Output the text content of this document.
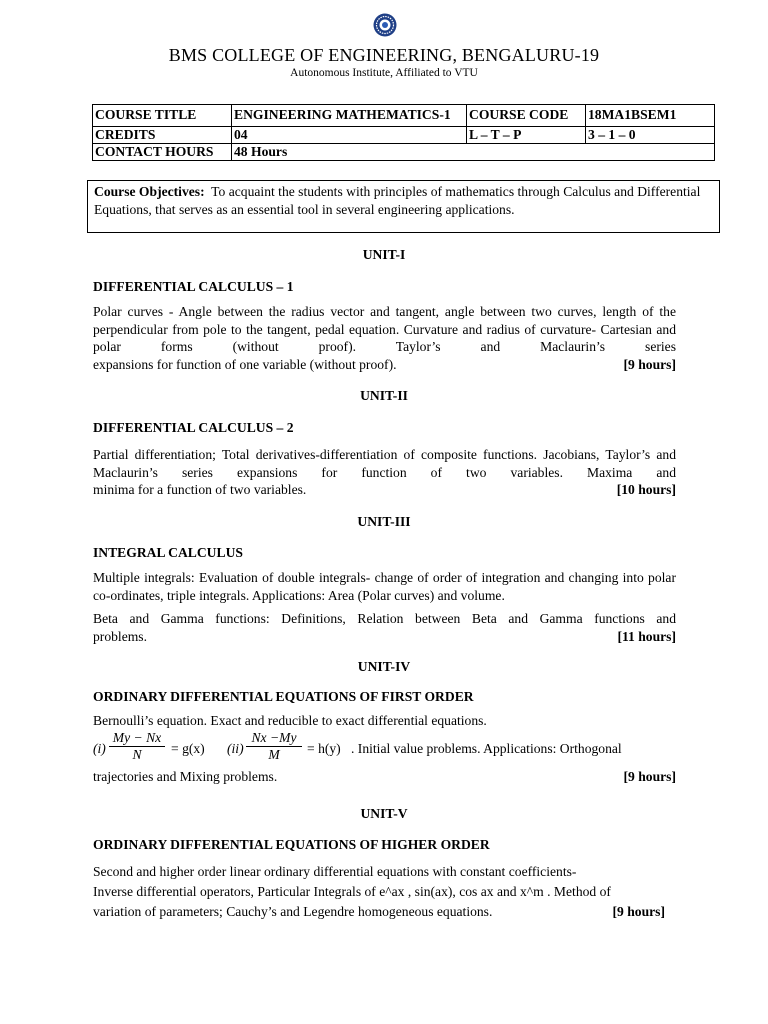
BMS COLLEGE OF ENGINEERING, BENGALURU-19
Autonomous Institute, Affiliated to VTU
COURSE TITLE	ENGINEERING MATHEMATICS-1	COURSE CODE	18MA1BSEM1
CREDITS	04	L – T – P	3 – 1 – 0
CONTACT HOURS	48 Hours		
Course Objectives: To acquaint the students with principles of mathematics through Calculus and Differential Equations, that serves as an essential tool in several engineering applications.
UNIT-I
DIFFERENTIAL CALCULUS – 1
Polar curves - Angle between the radius vector and tangent, angle between two curves, length of the perpendicular from pole to the tangent, pedal equation. Curvature and radius of curvature- Cartesian and polar forms (without proof). Taylor’s and Maclaurin’s series
expansions for function of one variable (without proof).	[9 hours]
UNIT-II
DIFFERENTIAL CALCULUS – 2
Partial differentiation; Total derivatives-differentiation of composite functions. Jacobians, Taylor’s and Maclaurin’s series expansions for function of two variables. Maxima and
minima for a function of two variables.	[10 hours]
UNIT-III
INTEGRAL CALCULUS
Multiple integrals: Evaluation of double integrals- change of order of integration and changing into polar co-ordinates, triple integrals. Applications: Area (Polar curves) and volume.
Beta and Gamma functions: Definitions, Relation between Beta and Gamma functions and
problems.	[11 hours]
UNIT-IV
ORDINARY DIFFERENTIAL EQUATIONS OF FIRST ORDER
Bernoulli’s equation. Exact and reducible to exact differential equations.
$(i) \frac{My - Nx}{N} = g(x)$ $(ii) \frac{Nx -My}{M} = h(y)$ . Initial value problems. Applications: Orthogonal
trajectories and Mixing problems.	[9 hours]
UNIT-V
ORDINARY DIFFERENTIAL EQUATIONS OF HIGHER ORDER
Second and higher order linear ordinary differential equations with constant coefficients-
Inverse differential operators, Particular Integrals of e^ax , sin(ax), cos ax and x^m . Method of
variation of parameters; Cauchy’s and Legendre homogeneous equations.	[9 hours]
